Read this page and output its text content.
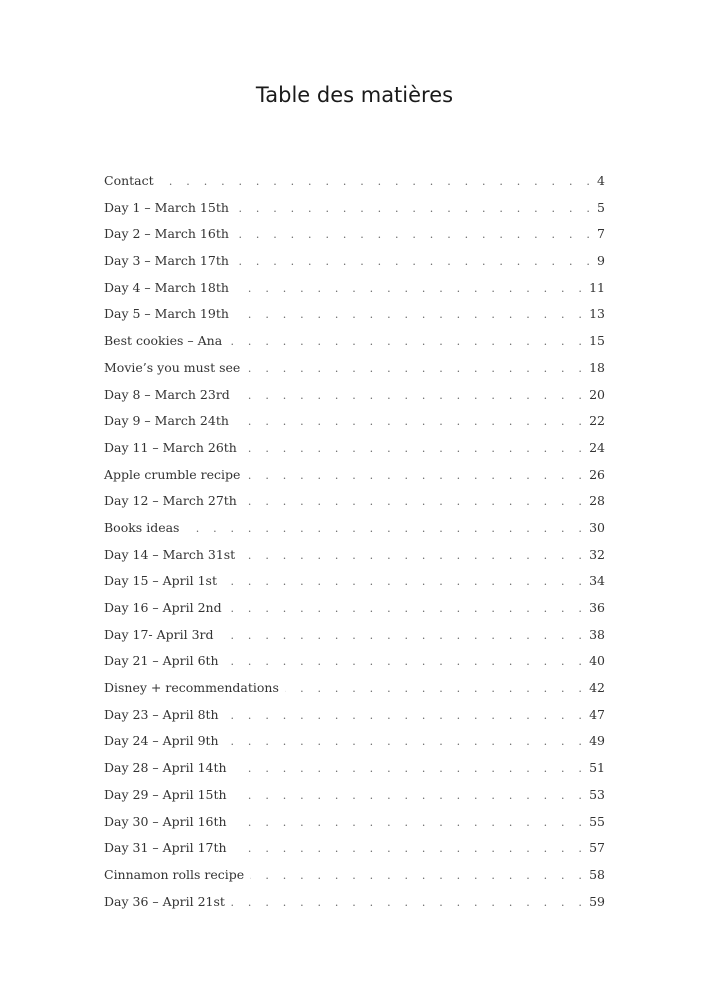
Table des matières
Contact . . .	4
Day 1 – March 15th . . .	5
Day 2 – March 16th . . .	7
Day 3 – March 17th . . .	9
Day 4 – March 18th . . .	11
Day 5 – March 19th . . .	13
Best cookies – Ana . . .	15
Movie’s you must see . . .	18
Day 8 – March 23rd . . .	20
Day 9 – March 24th . . .	22
Day 11 – March 26th . . .	24
Apple crumble recipe . . .	26
Day 12 – March 27th . . .	28
Books ideas . . .	30
Day 14 – March 31st . . .	32
Day 15 – April 1st . . .	34
Day 16 – April 2nd . . .	36
Day 17- April 3rd . . .	38
Day 21 – April 6th . . .	40
Disney + recommendations . . .	42
Day 23 – April 8th . . .	47
Day 24 – April 9th . . .	49
Day 28 – April 14th . . .	51
Day 29 – April 15th . . .	53
Day 30 – April 16th . . .	55
Day 31 – April 17th . . .	57
Cinnamon rolls recipe . . .	58
Day 36 – April 21st . . .	59
